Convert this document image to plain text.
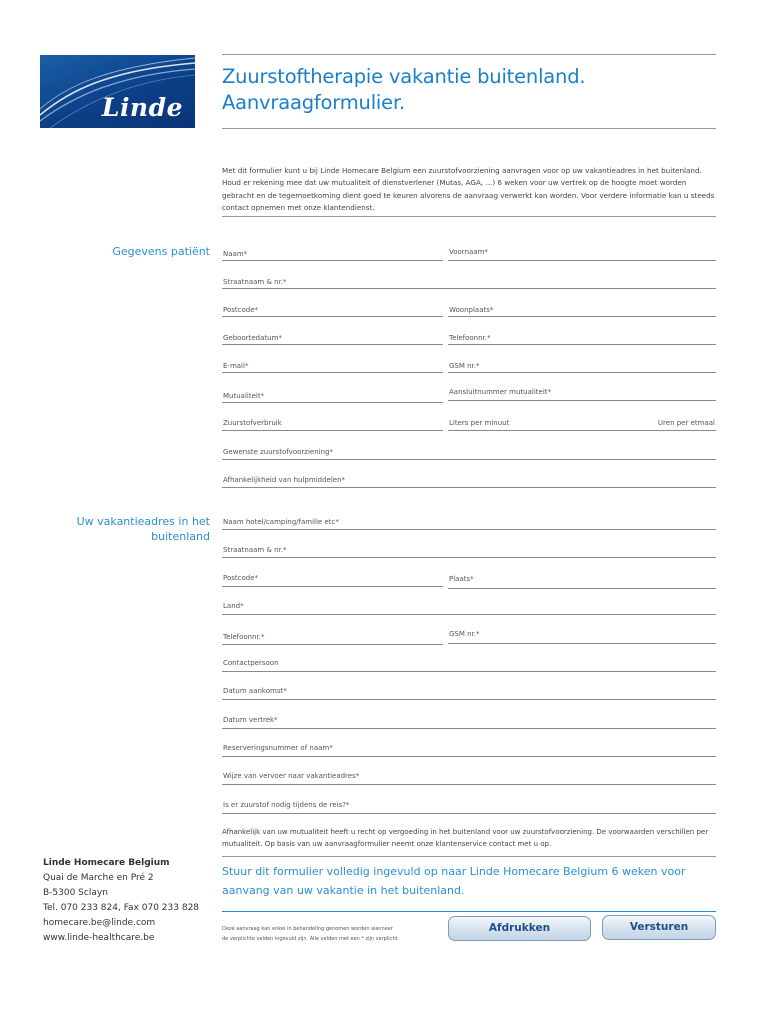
Linde
Zuurstoftherapie vakantie buitenland.
Aanvraagformulier.
Met dit formulier kunt u bij Linde Homecare Belgium een zuurstofvoorziening aanvragen voor op uw vakantieadres in het buitenland. Houd er rekening mee dat uw mutualiteit of dienstverlener (Mutas, AGA, ...) 6 weken voor uw vertrek op de hoogte moet worden gebracht en de tegemoetkoming dient goed te keuren alvorens de aanvraag verwerkt kan worden. Voor verdere informatie kan u steeds contact opnemen met onze klantendienst.
Gegevens patiënt Naam*	Voornaam*
Straatnaam & nr.*
Postcode*	Woonplaats*
Geboortedatum*	Telefoonnr.*
E-mail*	GSM nr.*
Mutualiteit*	Aansluitnummer mutualiteit*
Zuurstofverbruik	Liters per minuut	Uren per etmaal
Gewenste zuurstofvoorziening*
Afhankelijkheid van hulpmiddelen*
Uw vakantieadres in het
buitenland
Naam hotel/camping/familie etc*
Straatnaam & nr.*
Postcode*	Plaats*
Land*
Telefoonnr.*	GSM nr.*
Contactpersoon
Datum aankomst*
Datum vertrek*
Reserveringsnummer of naam*
Wijze van vervoer naar vakantieadres*
Is er zuurstof nodig tijdens de reis?*
Afhankelijk van uw mutualiteit heeft u recht op vergoeding in het buitenland voor uw zuurstofvoorziening. De voorwaarden verschillen per mutualiteit. Op basis van uw aanvraagformulier neemt onze klantenservice contact met u op.
Linde Homecare Belgium
Quai de Marche en Pré 2
B-5300 Sclayn
Tel. 070 233 824, Fax 070 233 828
homecare.be@linde.com
www.linde-healthcare.be
Stuur dit formulier volledig ingevuld op naar Linde Homecare Belgium 6 weken voor
aanvang van uw vakantie in het buitenland.
Deze aanvraag kan enkel in behandeling genomen worden wanneer
de verplichte velden ingevuld zijn. Alle velden met een * zijn verplicht.
Afdrukken	Versturen
